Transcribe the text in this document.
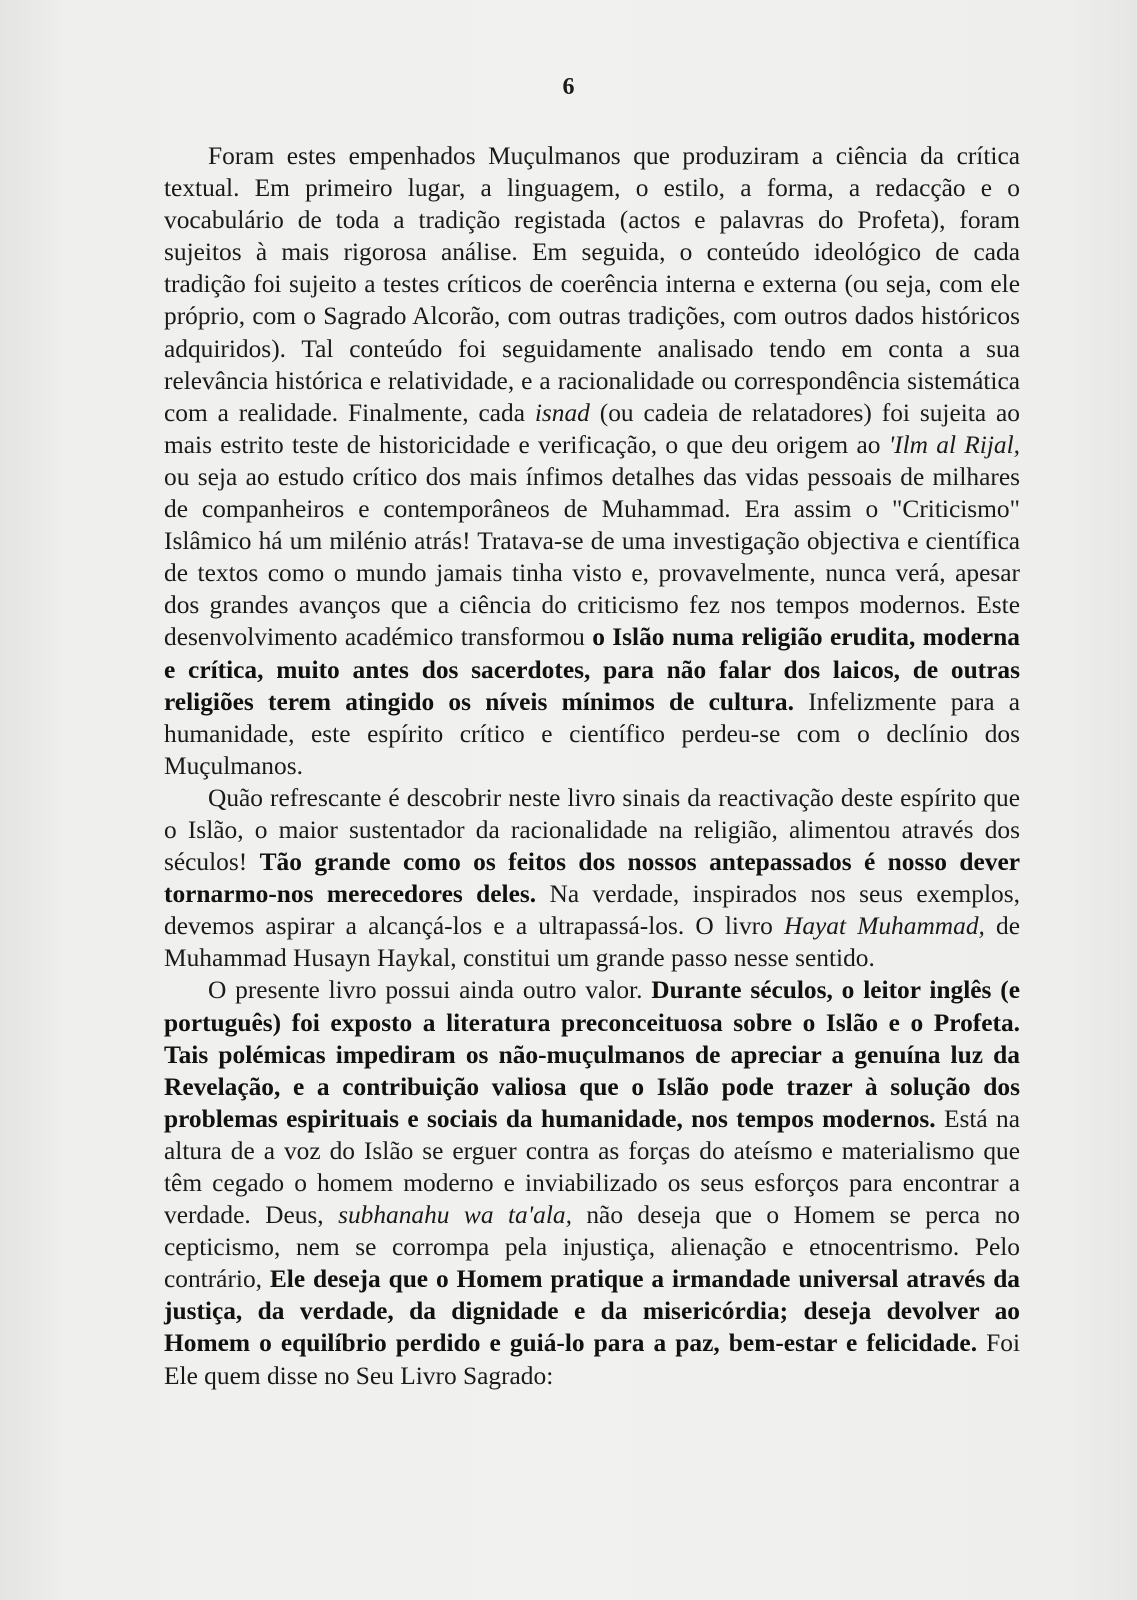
6

Foram estes empenhados Muçulmanos que produziram a ciência da crítica textual. Em primeiro lugar, a linguagem, o estilo, a forma, a redacção e o vocabulário de toda a tradição registada (actos e palavras do Profeta), foram sujeitos à mais rigorosa análise. Em seguida, o conteúdo ideológico de cada tradição foi sujeito a testes críticos de coerência interna e externa (ou seja, com ele próprio, com o Sagrado Alcorão, com outras tradições, com outros dados históricos adquiridos). Tal conteúdo foi seguidamente analisado tendo em conta a sua relevância histórica e relatividade, e a racionalidade ou correspondência sistemática com a realidade. Finalmente, cada isnad (ou cadeia de relatadores) foi sujeita ao mais estrito teste de historicidade e verificação, o que deu origem ao 'Ilm al Rijal, ou seja ao estudo crítico dos mais ínfimos detalhes das vidas pessoais de milhares de companheiros e contemporâneos de Muhammad. Era assim o "Criticismo" Islâmico há um milénio atrás! Tratava-se de uma investigação objectiva e científica de textos como o mundo jamais tinha visto e, provavelmente, nunca verá, apesar dos grandes avanços que a ciência do criticismo fez nos tempos modernos. Este desenvolvimento académico transformou o Islão numa religião erudita, moderna e crítica, muito antes dos sacerdotes, para não falar dos laicos, de outras religiões terem atingido os níveis mínimos de cultura. Infelizmente para a humanidade, este espírito crítico e científico perdeu-se com o declínio dos Muçulmanos.

Quão refrescante é descobrir neste livro sinais da reactivação deste espírito que o Islão, o maior sustentador da racionalidade na religião, alimentou através dos séculos! Tão grande como os feitos dos nossos antepassados é nosso dever tornarmo-nos merecedores deles. Na verdade, inspirados nos seus exemplos, devemos aspirar a alcançá-los e a ultrapassá-los. O livro Hayat Muhammad, de Muhammad Husayn Haykal, constitui um grande passo nesse sentido.

O presente livro possui ainda outro valor. Durante séculos, o leitor inglês (e português) foi exposto a literatura preconceituosa sobre o Islão e o Profeta. Tais polémicas impediram os não-muçulmanos de apreciar a genuína luz da Revelação, e a contribuição valiosa que o Islão pode trazer à solução dos problemas espirituais e sociais da humanidade, nos tempos modernos. Está na altura de a voz do Islão se erguer contra as forças do ateísmo e materialismo que têm cegado o homem moderno e inviabilizado os seus esforços para encontrar a verdade. Deus, subhanahu wa ta'ala, não deseja que o Homem se perca no cepticismo, nem se corrompa pela injustiça, alienação e etnocentrismo. Pelo contrário, Ele deseja que o Homem pratique a irmandade universal através da justiça, da verdade, da dignidade e da misericórdia; deseja devolver ao Homem o equilíbrio perdido e guiá-lo para a paz, bem-estar e felicidade. Foi Ele quem disse no Seu Livro Sagrado:
